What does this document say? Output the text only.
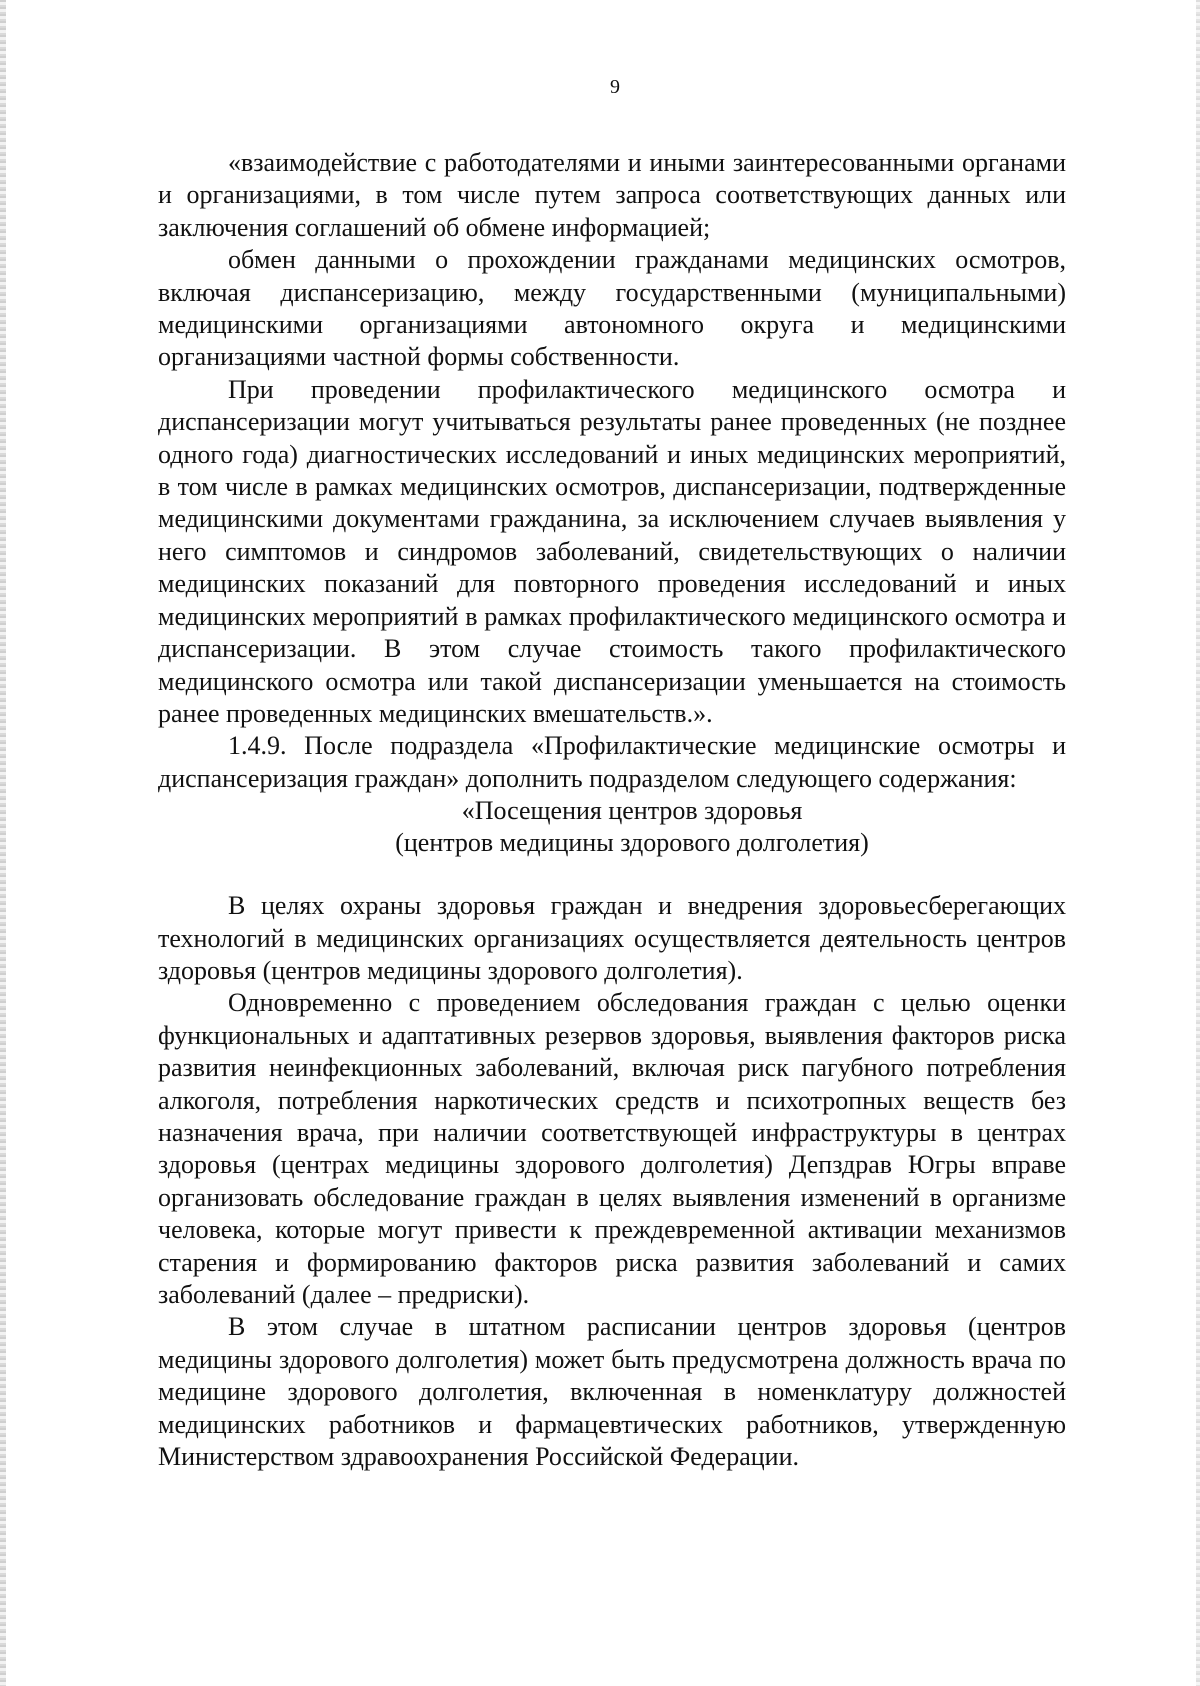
9

«взаимодействие с работодателями и иными заинтересованными органами и организациями, в том числе путем запроса соответствующих данных или заключения соглашений об обмене информацией;

обмен данными о прохождении гражданами медицинских осмотров, включая диспансеризацию, между государственными (муниципальными) медицинскими организациями автономного округа и медицинскими организациями частной формы собственности.

При проведении профилактического медицинского осмотра и диспансеризации могут учитываться результаты ранее проведенных (не позднее одного года) диагностических исследований и иных медицинских мероприятий, в том числе в рамках медицинских осмотров, диспансеризации, подтвержденные медицинскими документами гражданина, за исключением случаев выявления у него симптомов и синдромов заболеваний, свидетельствующих о наличии медицинских показаний для повторного проведения исследований и иных медицинских мероприятий в рамках профилактического медицинского осмотра и диспансеризации. В этом случае стоимость такого профилактического медицинского осмотра или такой диспансеризации уменьшается на стоимость ранее проведенных медицинских вмешательств.».

1.4.9. После подраздела «Профилактические медицинские осмотры и диспансеризация граждан» дополнить подразделом следующего содержания:

«Посещения центров здоровья
(центров медицины здорового долголетия)

В целях охраны здоровья граждан и внедрения здоровьесберегающих технологий в медицинских организациях осуществляется деятельность центров здоровья (центров медицины здорового долголетия).

Одновременно с проведением обследования граждан с целью оценки функциональных и адаптативных резервов здоровья, выявления факторов риска развития неинфекционных заболеваний, включая риск пагубного потребления алкоголя, потребления наркотических средств и психотропных веществ без назначения врача, при наличии соответствующей инфраструктуры в центрах здоровья (центрах медицины здорового долголетия) Депздрав Югры вправе организовать обследование граждан в целях выявления изменений в организме человека, которые могут привести к преждевременной активации механизмов старения и формированию факторов риска развития заболеваний и самих заболеваний (далее – предриски).

В этом случае в штатном расписании центров здоровья (центров медицины здорового долголетия) может быть предусмотрена должность врача по медицине здорового долголетия, включенная в номенклатуру должностей медицинских работников и фармацевтических работников, утвержденную Министерством здравоохранения Российской Федерации.
